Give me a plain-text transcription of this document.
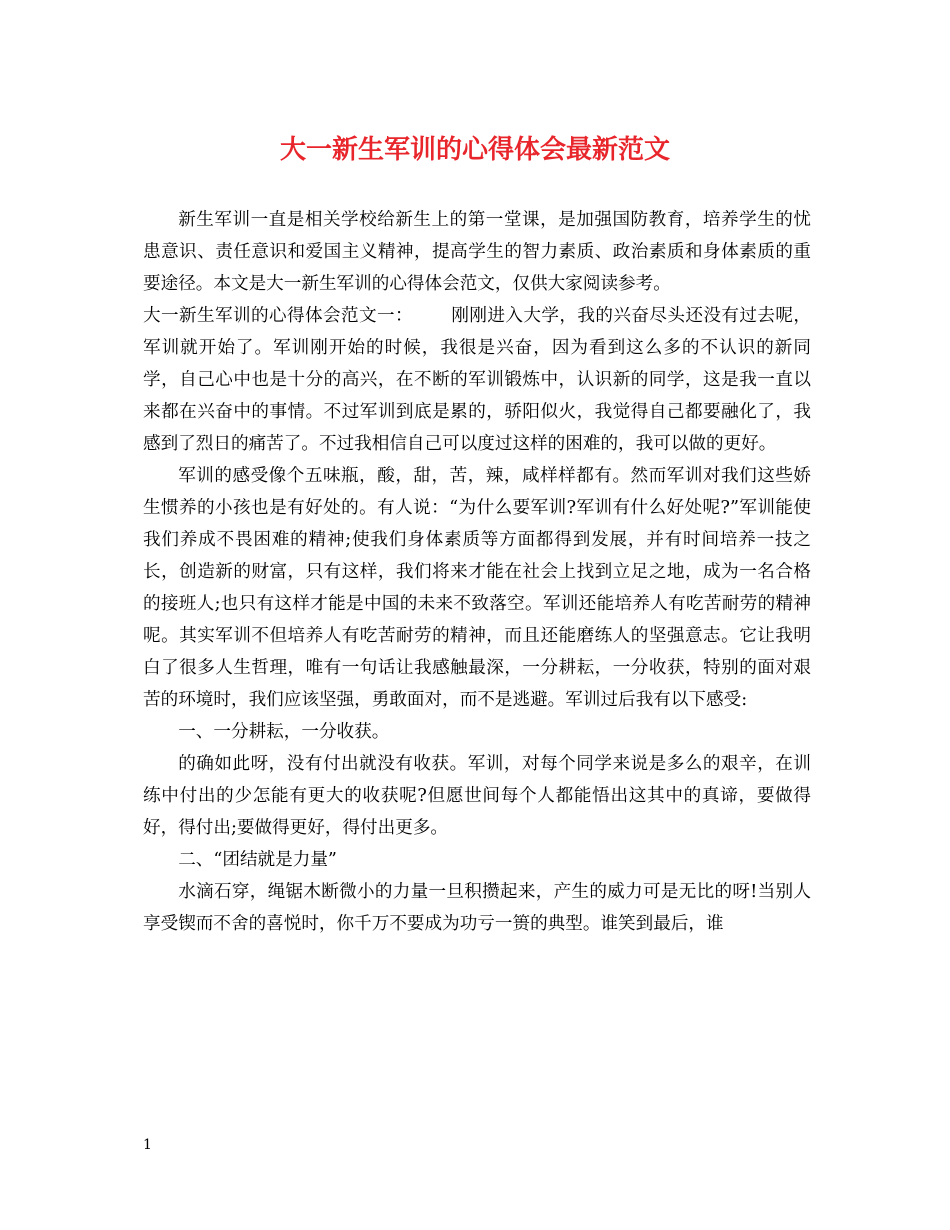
大一新生军训的心得体会最新范文

新生军训一直是相关学校给新生上的第一堂课，是加强国防教育，培养学生的忧患意识、责任意识和爱国主义精神，提高学生的智力素质、政治素质和身体素质的重要途径。本文是大一新生军训的心得体会范文，仅供大家阅读参考。

大一新生军训的心得体会范文一： 刚刚进入大学，我的兴奋尽头还没有过去呢，军训就开始了。军训刚开始的时候，我很是兴奋，因为看到这么多的不认识的新同学，自己心中也是十分的高兴，在不断的军训锻炼中，认识新的同学，这是我一直以来都在兴奋中的事情。不过军训到底是累的，骄阳似火，我觉得自己都要融化了，我感到了烈日的痛苦了。不过我相信自己可以度过这样的困难的，我可以做的更好。

军训的感受像个五味瓶，酸，甜，苦，辣，咸样样都有。然而军训对我们这些娇生惯养的小孩也是有好处的。有人说：“为什么要军训?军训有什么好处呢?”军训能使我们养成不畏困难的精神;使我们身体素质等方面都得到发展，并有时间培养一技之长，创造新的财富，只有这样，我们将来才能在社会上找到立足之地，成为一名合格的接班人;也只有这样才能是中国的未来不致落空。军训还能培养人有吃苦耐劳的精神呢。其实军训不但培养人有吃苦耐劳的精神，而且还能磨练人的坚强意志。它让我明白了很多人生哲理，唯有一句话让我感触最深，一分耕耘，一分收获，特别的面对艰苦的环境时，我们应该坚强，勇敢面对，而不是逃避。军训过后我有以下感受:

一、一分耕耘，一分收获。

的确如此呀，没有付出就没有收获。军训，对每个同学来说是多么的艰辛，在训练中付出的少怎能有更大的收获呢?但愿世间每个人都能悟出这其中的真谛，要做得好，得付出;要做得更好，得付出更多。

二、“团结就是力量”

水滴石穿，绳锯木断微小的力量一旦积攒起来，产生的威力可是无比的呀!当别人享受锲而不舍的喜悦时，你千万不要成为功亏一篑的典型。谁笑到最后，谁

1
